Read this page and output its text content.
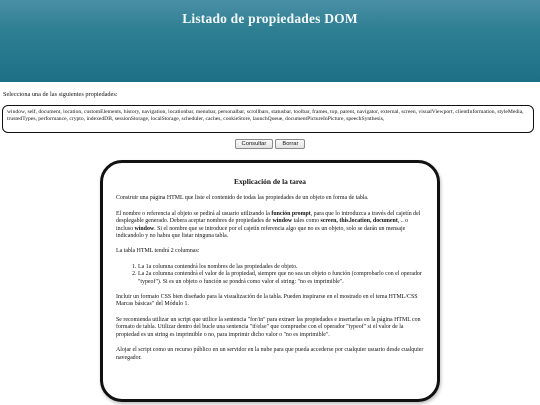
Listado de propiedades DOM
Selecciona una de las siguientes propiedades:
window, self, document, location, customElements, history, navigation, locationbar, menubar, personalbar, scrollbars, statusbar, toolbar, frames, top, parent, navigator, external, screen, visualViewport, clientInformation, styleMedia, trustedTypes, performance, crypto, indexedDB, sessionStorage, localStorage, scheduler, caches, cookieStore, launchQueue, documentPictureInPicture, speechSynthesis,
Consultar	Borrar
Explicación de la tarea

Construir una página HTML que liste el contenido de todas las propiedades de un objeto en forma de tabla.

El nombre o referencia al objeto se pedirá al usuario utilizando la función prompt, para que lo introduzca a través del cajetín del desplegable generado. Debera aceptar nombres de propiedades de window tales como screen, this.location, document, .. o incluso window. Si el nombre que se introduce por el cajetín referencia algo que no es un objeto, solo se darán un mensaje indicandolo y no habra que listar ninguna tabla.

La tabla HTML tendrá 2 columnas:

1. La 1a columna contendrá los nombres de las propiedades de objeto.
2. La 2a columna contendrá el valor de la propiedad, siempre que no sea un objeto o función (comprobarlo con el operador "typeof"). Si es un objeto o función se pondrá como valor el string: "no es imprimible".

Incluir un formato CSS bien diseñado para la visualización de la tabla. Pueden inspirarse en el mostrado en el tema HTML/CSS Marcas básicas" del Módulo 1.

Se recomienda utilizar un script que utilice la sentencia "for/in" para extraer las propiedades e insertarlas en la página HTML con formato de tabla. Utilizar dentro del bucle una sentencia "if/else" que compruebe con el operador "typeof" si el valor de la propiedad es un string es imprimible o no, para imprimir dicho valor o "no es imprimible".

Alojar el script como un recurso público en un servidor en la nube para que pueda accederse por cualquier usuario desde cualquier navegador.
